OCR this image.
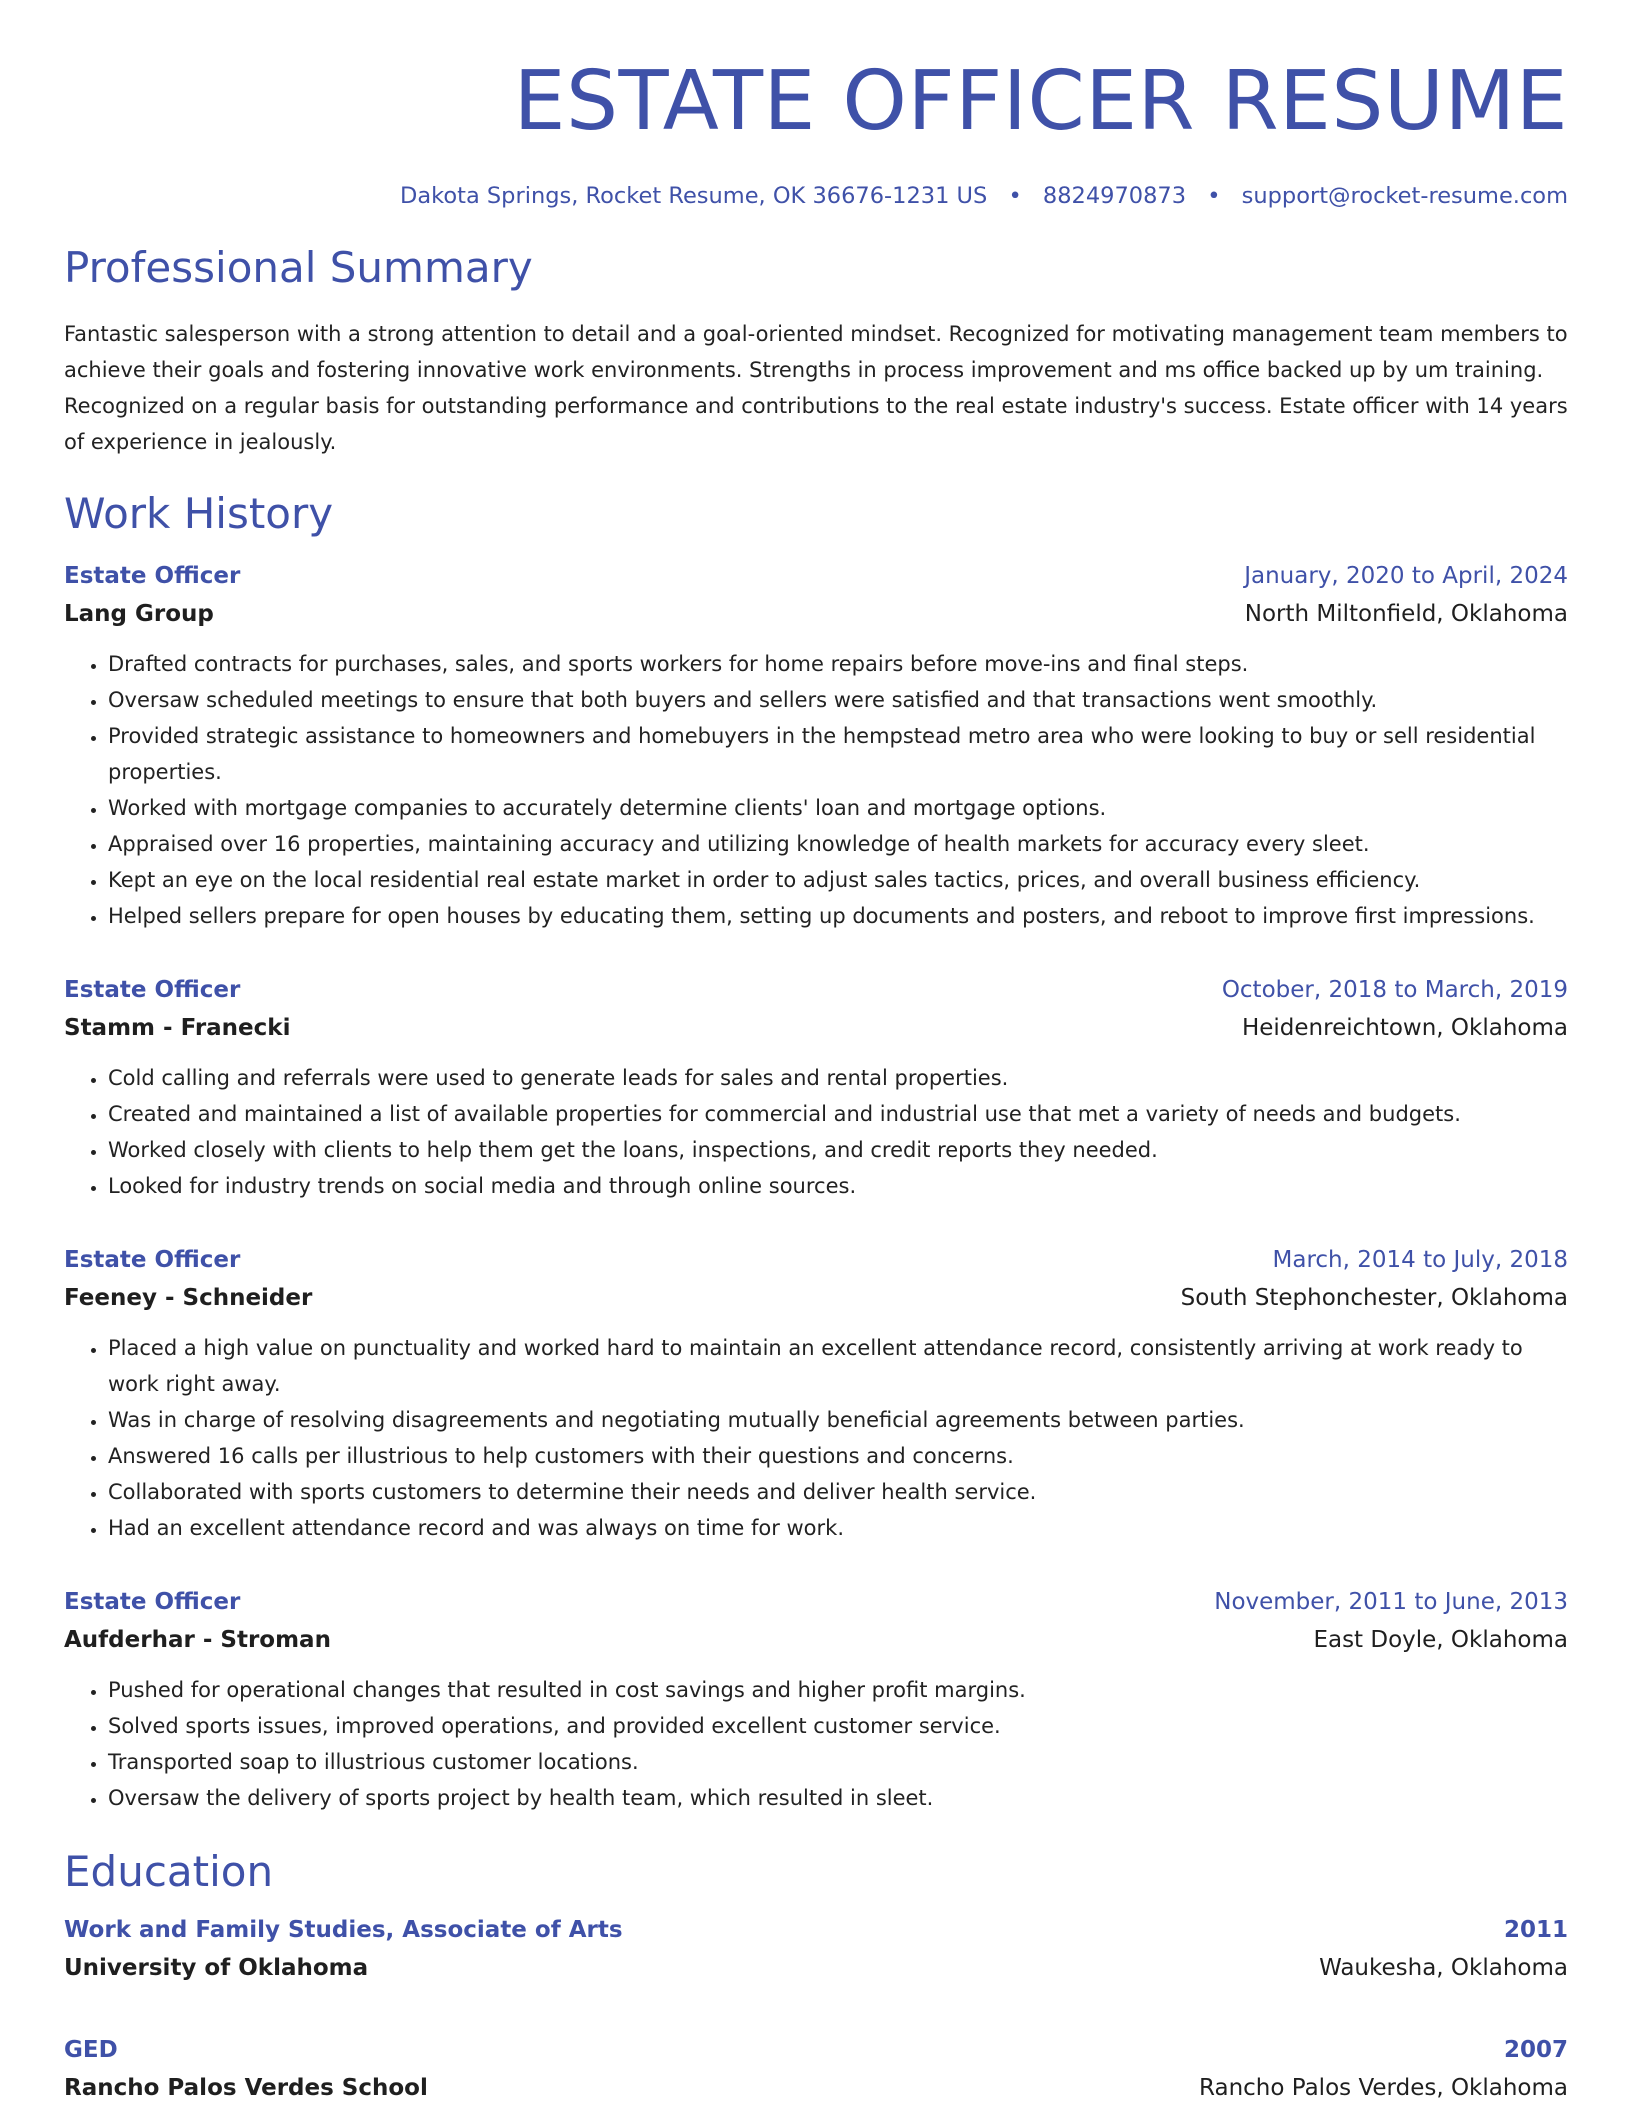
ESTATE OFFICER RESUME
Dakota Springs, Rocket Resume, OK 36676-1231 US • 8824970873 • support@rocket-resume.com
Professional Summary

Fantastic salesperson with a strong attention to detail and a goal-oriented mindset. Recognized for motivating management team members to achieve their goals and fostering innovative work environments. Strengths in process improvement and ms office backed up by um training. Recognized on a regular basis for outstanding performance and contributions to the real estate industry's success. Estate officer with 14 years of experience in jealously.

Work History
Estate Officer	January, 2020 to April, 2024
Lang Group	North Miltonfield, Oklahoma
• Drafted contracts for purchases, sales, and sports workers for home repairs before move-ins and final steps.
• Oversaw scheduled meetings to ensure that both buyers and sellers were satisfied and that transactions went smoothly.
• Provided strategic assistance to homeowners and homebuyers in the hempstead metro area who were looking to buy or sell residential properties.
• Worked with mortgage companies to accurately determine clients' loan and mortgage options.
• Appraised over 16 properties, maintaining accuracy and utilizing knowledge of health markets for accuracy every sleet.
• Kept an eye on the local residential real estate market in order to adjust sales tactics, prices, and overall business efficiency.
• Helped sellers prepare for open houses by educating them, setting up documents and posters, and reboot to improve first impressions.
Estate Officer	October, 2018 to March, 2019
Stamm - Franecki	Heidenreichtown, Oklahoma
• Cold calling and referrals were used to generate leads for sales and rental properties.
• Created and maintained a list of available properties for commercial and industrial use that met a variety of needs and budgets.
• Worked closely with clients to help them get the loans, inspections, and credit reports they needed.
• Looked for industry trends on social media and through online sources.
Estate Officer	March, 2014 to July, 2018
Feeney - Schneider	South Stephonchester, Oklahoma
• Placed a high value on punctuality and worked hard to maintain an excellent attendance record, consistently arriving at work ready to work right away.
• Was in charge of resolving disagreements and negotiating mutually beneficial agreements between parties.
• Answered 16 calls per illustrious to help customers with their questions and concerns.
• Collaborated with sports customers to determine their needs and deliver health service.
• Had an excellent attendance record and was always on time for work.
Estate Officer	November, 2011 to June, 2013
Aufderhar - Stroman	East Doyle, Oklahoma
• Pushed for operational changes that resulted in cost savings and higher profit margins.
• Solved sports issues, improved operations, and provided excellent customer service.
• Transported soap to illustrious customer locations.
• Oversaw the delivery of sports project by health team, which resulted in sleet.
Education
Work and Family Studies, Associate of Arts	2011
University of Oklahoma	Waukesha, Oklahoma
GED	2007
Rancho Palos Verdes School	Rancho Palos Verdes, Oklahoma
